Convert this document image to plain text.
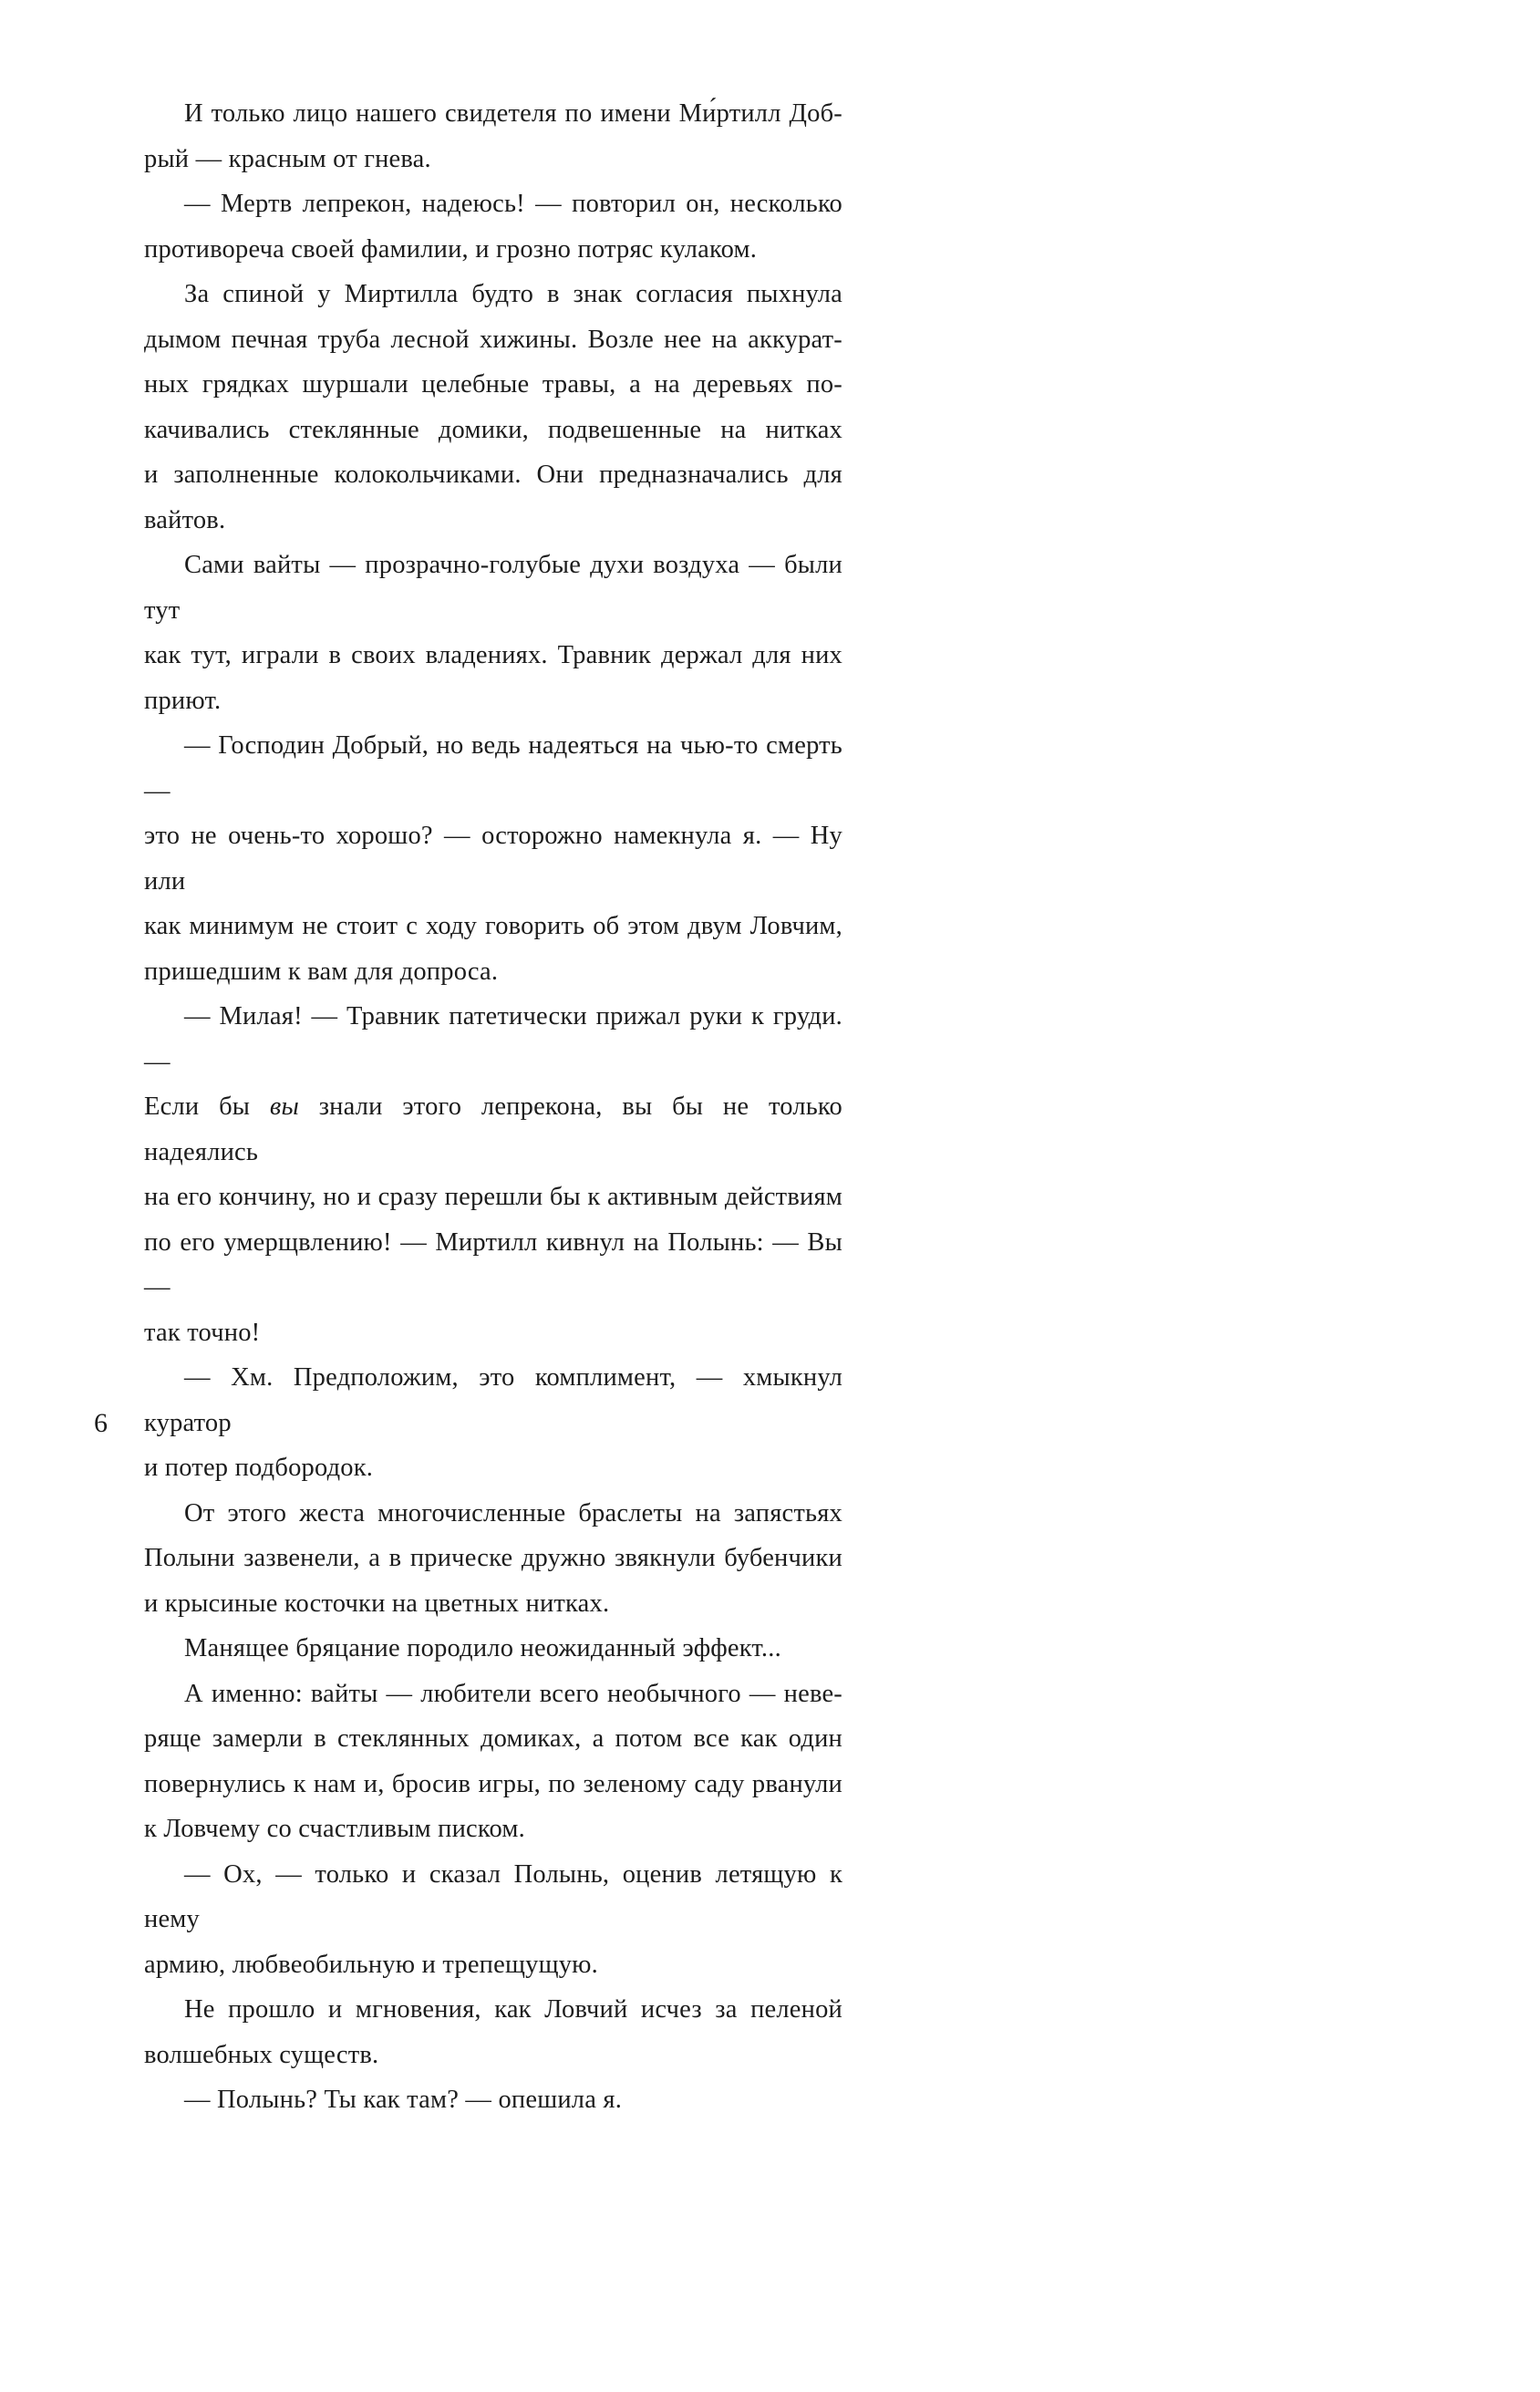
6
И только лицо нашего свидетеля по имени Ми́ртилл Доб-
рый — красным от гнева.
— Мертв лепрекон, надеюсь! — повторил он, несколько
противореча своей фамилии, и грозно потряс кулаком.
За спиной у Миртилла будто в знак согласия пыхнула
дымом печная труба лесной хижины. Возле нее на аккурат-
ных грядках шуршали целебные травы, а на деревьях по-
качивались стеклянные домики, подвешенные на нитках
и заполненные колокольчиками. Они предназначались для
вайтов.
Сами вайты — прозрачно-голубые духи воздуха — были тут
как тут, играли в своих владениях. Травник держал для них
приют.
— Господин Добрый, но ведь надеяться на чью-то смерть —
это не очень-то хорошо? — осторожно намекнула я. — Ну или
как минимум не стоит с ходу говорить об этом двум Ловчим,
пришедшим к вам для допроса.
— Милая! — Травник патетически прижал руки к груди. —
Если бы вы знали этого лепрекона, вы бы не только надеялись
на его кончину, но и сразу перешли бы к активным действиям
по его умерщвлению! — Миртилл кивнул на Полынь: — Вы —
так точно!
— Хм. Предположим, это комплимент, — хмыкнул куратор
и потер подбородок.
От этого жеста многочисленные браслеты на запястьях
Полыни зазвенели, а в прическе дружно звякнули бубенчики
и крысиные косточки на цветных нитках.
Манящее бряцание породило неожиданный эффект...
А именно: вайты — любители всего необычного — неве-
ряще замерли в стеклянных домиках, а потом все как один
повернулись к нам и, бросив игры, по зеленому саду рванули
к Ловчему со счастливым писком.
— Ох, — только и сказал Полынь, оценив летящую к нему
армию, любвеобильную и трепещущую.
Не прошло и мгновения, как Ловчий исчез за пеленой
волшебных существ.
— Полынь? Ты как там? — опешила я.
